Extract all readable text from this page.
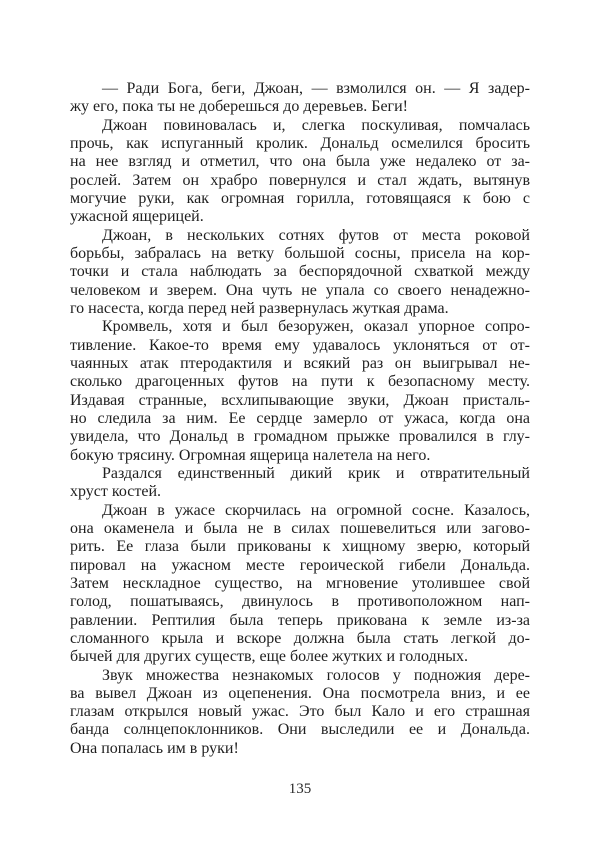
— Ради Бога, беги, Джоан, — взмолился он. — Я задер-
жу его, пока ты не доберешься до деревьев. Беги!
Джоан повиновалась и, слегка поскуливая, помчалась
прочь, как испуганный кролик. Дональд осмелился бросить
на нее взгляд и отметил, что она была уже недалеко от за-
рослей. Затем он храбро повернулся и стал ждать, вытянув
могучие руки, как огромная горилла, готовящаяся к бою с
ужасной ящерицей.
Джоан, в нескольких сотнях футов от места роковой
борьбы, забралась на ветку большой сосны, присела на кор-
точки и стала наблюдать за беспорядочной схваткой между
человеком и зверем. Она чуть не упала со своего ненадежно-
го насеста, когда перед ней развернулась жуткая драма.
Кромвель, хотя и был безоружен, оказал упорное сопро-
тивление. Какое-то время ему удавалось уклоняться от от-
чаянных атак птеродактиля и всякий раз он выигрывал не-
сколько драгоценных футов на пути к безопасному месту.
Издавая странные, всхлипывающие звуки, Джоан присталь-
но следила за ним. Ее сердце замерло от ужаса, когда она
увидела, что Дональд в громадном прыжке провалился в глу-
бокую трясину. Огромная ящерица налетела на него.
Раздался единственный дикий крик и отвратительный
хруст костей.
Джоан в ужасе скорчилась на огромной сосне. Казалось,
она окаменела и была не в силах пошевелиться или загово-
рить. Ее глаза были прикованы к хищному зверю, который
пировал на ужасном месте героической гибели Дональда.
Затем нескладное существо, на мгновение утолившее свой
голод, пошатываясь, двинулось в противоположном нап-
равлении. Рептилия была теперь прикована к земле из-за
сломанного крыла и вскоре должна была стать легкой до-
бычей для других существ, еще более жутких и голодных.
Звук множества незнакомых голосов у подножия дере-
ва вывел Джоан из оцепенения. Она посмотрела вниз, и ее
глазам открылся новый ужас. Это был Кало и его страшная
банда солнцепоклонников. Они выследили ее и Дональда.
Она попалась им в руки!
135
